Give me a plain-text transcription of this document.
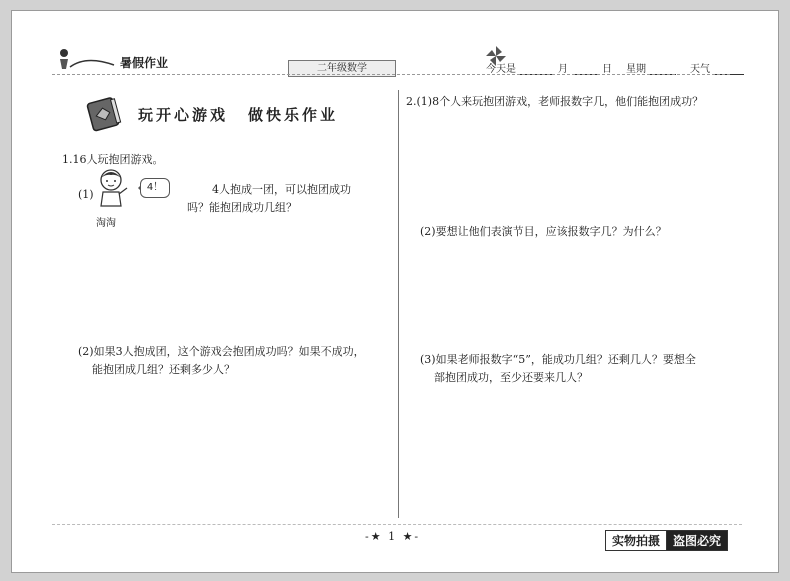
暑假作业	二年级数学	今天是	月	日 星期	天气
玩开心游戏 做快乐作业
1.16人玩抱团游戏。
(1)
淘淘
4！	4人抱成一团，可以抱团成功
吗？能抱团成功几组？
(2)如果3人抱成团，这个游戏会抱团成功吗？如果不成功，
能抱团成几组？还剩多少人？
2.(1)8个人来玩抱团游戏，老师报数字几，他们能抱团成功？
(2)要想让他们表演节目，应该报数字几？为什么？
(3)如果老师报数字“5”，能成功几组？还剩几人？要想全
部抱团成功，至少还要来几人？
-★ 1 ★-	实物拍摄	盗图必究
